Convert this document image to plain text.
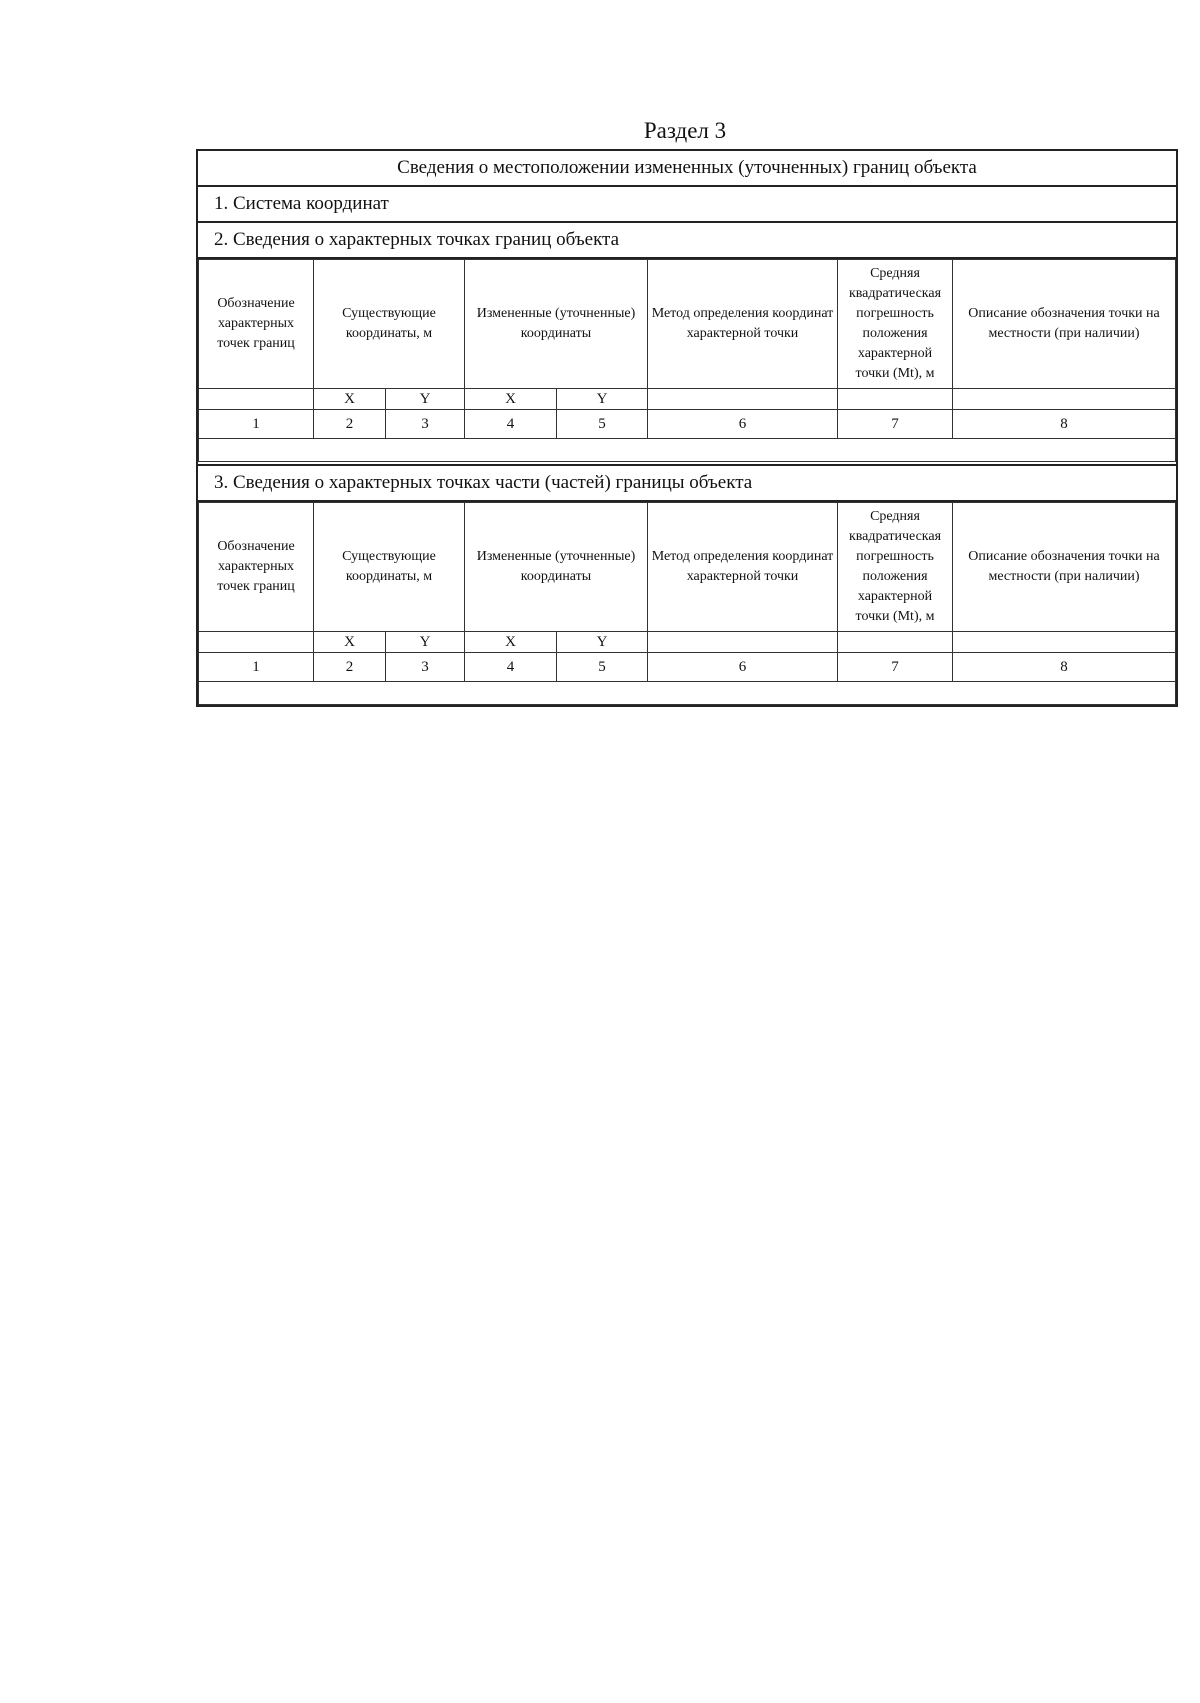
Раздел 3
Сведения о местоположении измененных (уточненных) границ объекта
1. Система координат
2. Сведения о характерных точках границ объекта
Обозначение характерных точек границ	Существующие координаты, м		Измененные (уточненные) координаты		Метод определения координат характерной точки	Средняя квадратическая погрешность положения характерной точки (Mt), м	Описание обозначения точки на местности (при наличии)
	X	Y	X	Y			
1	2	3	4	5	6	7	8

3. Сведения о характерных точках части (частей) границы объекта
Обозначение характерных точек границ	Существующие координаты, м		Измененные (уточненные) координаты		Метод определения координат характерной точки	Средняя квадратическая погрешность положения характерной точки (Mt), м	Описание обозначения точки на местности (при наличии)
	X	Y	X	Y			
1	2	3	4	5	6	7	8
